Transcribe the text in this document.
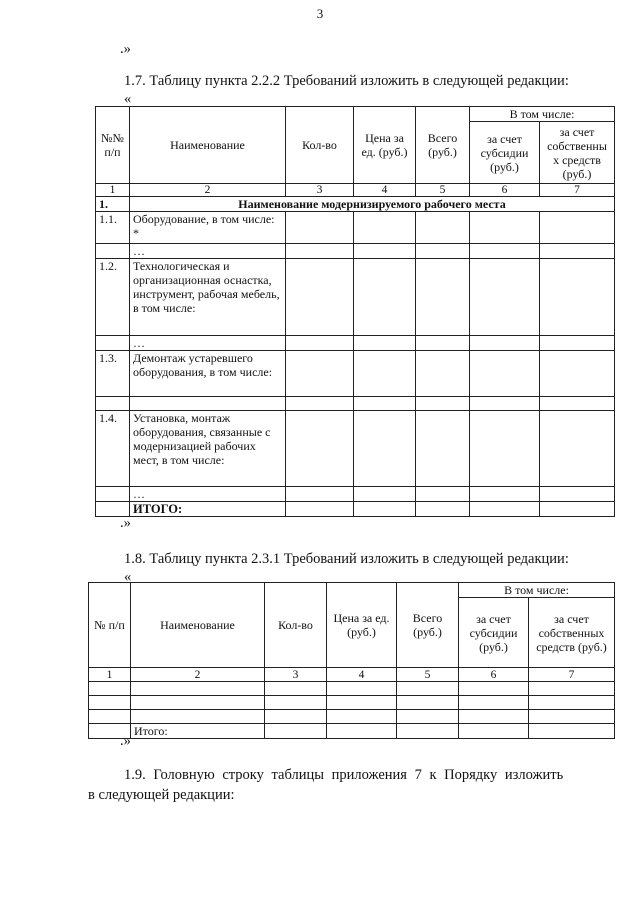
3
.»
1.7. Таблицу пункта 2.2.2 Требований изложить в следующей редакции:
«
№№ п/п	Наименование	Кол-во	Цена за ед. (руб.)	Всего (руб.)	В том числе:	
					за счет субсидии (руб.)	за счет собственны х средств (руб.)
1	2	3	4	5	6	7
1.	Наименование модернизируемого рабочего места					
1.1.	Оборудование, в том числе: *					
	…					
1.2.	Технологическая и организационная оснастка, инструмент, рабочая мебель, в том числе:					
	…					
1.3.	Демонтаж устаревшего оборудования, в том числе:					

1.4.	Установка, монтаж оборудования, связанные с модернизацией рабочих мест, в том числе:					
	…					
	ИТОГО:					
.»
1.8. Таблицу пункта 2.3.1 Требований изложить в следующей редакции:
«
№ п/п	Наименование	Кол-во	Цена за ед. (руб.)	Всего (руб.)	В том числе:	
					за счет субсидии (руб.)	за счет собственных средств (руб.)
1	2	3	4	5	6	7

	Итого:					
.»
1.9. Головную строку таблицы приложения 7 к Порядку изложить
в следующей редакции:
